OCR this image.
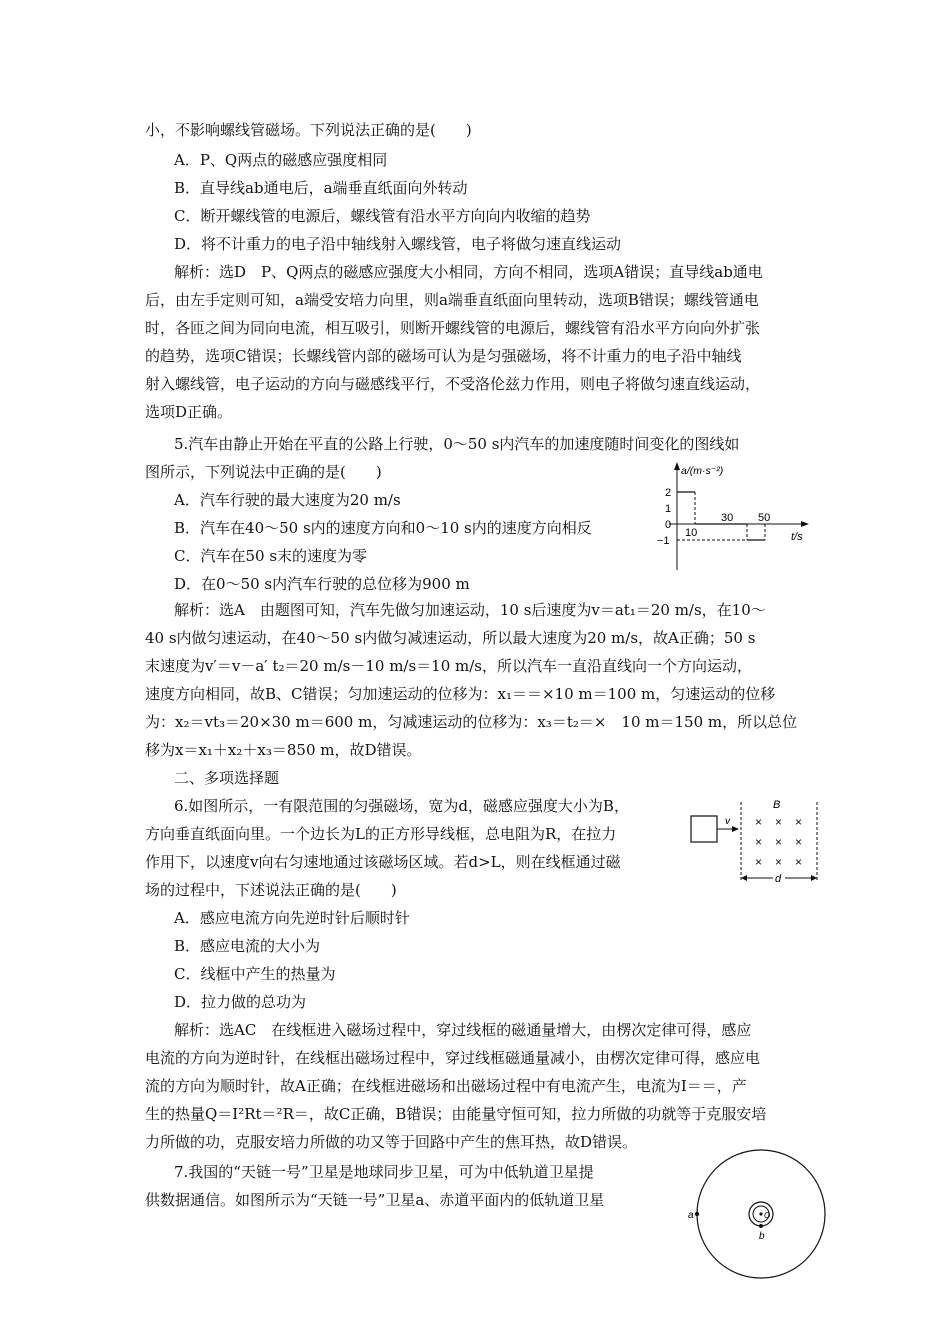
小，不影响螺线管磁场。下列说法正确的是(　　)
A．P、Q两点的磁感应强度相同
B．直导线ab通电后，a端垂直纸面向外转动
C．断开螺线管的电源后，螺线管有沿水平方向向内收缩的趋势
D．将不计重力的电子沿中轴线射入螺线管，电子将做匀速直线运动
解析：选D　P、Q两点的磁感应强度大小相同，方向不相同，选项A错误；直导线ab通电
后，由左手定则可知，a端受安培力向里，则a端垂直纸面向里转动，选项B错误；螺线管通电
时，各匝之间为同向电流，相互吸引，则断开螺线管的电源后，螺线管有沿水平方向向外扩张
的趋势，选项C错误；长螺线管内部的磁场可认为是匀强磁场，将不计重力的电子沿中轴线
射入螺线管，电子运动的方向与磁感线平行，不受洛伦兹力作用，则电子将做匀速直线运动，
选项D正确。
5.汽车由静止开始在平直的公路上行驶，0～50 s内汽车的加速度随时间变化的图线如
图所示，下列说法中正确的是(　　)
A．汽车行驶的最大速度为20 m/s
B．汽车在40～50 s内的速度方向和0～10 s内的速度方向相反
C．汽车在50 s末的速度为零
D．在0～50 s内汽车行驶的总位移为900 m
a/(m·s⁻²)
2
1
0
−1
10
30 50
t/s
解析：选A　由题图可知，汽车先做匀加速运动，10 s后速度为v＝at₁＝20 m/s，在10～
40 s内做匀速运动，在40～50 s内做匀减速运动，所以最大速度为20 m/s，故A正确；50 s
末速度为v′＝v－a′ t₂＝20 m/s－10 m/s＝10 m/s，所以汽车一直沿直线向一个方向运动，
速度方向相同，故B、C错误；匀加速运动的位移为：x₁＝＝×10 m＝100 m，匀速运动的位移
为：x₂＝vt₃＝20×30 m＝600 m，匀减速运动的位移为：x₃＝t₂＝×　10 m＝150 m，所以总位
移为x＝x₁＋x₂＋x₃＝850 m，故D错误。
二、多项选择题
6.如图所示，一有限范围的匀强磁场，宽为d，磁感应强度大小为B，
方向垂直纸面向里。一个边长为L的正方形导线框，总电阻为R，在拉力
作用下，以速度v向右匀速地通过该磁场区域。若d>L，则在线框通过磁
场的过程中，下述说法正确的是(　　)
v
B
× × ×
× × ×
× × ×
d
A．感应电流方向先逆时针后顺时针
B．感应电流的大小为
C．线框中产生的热量为
D．拉力做的总功为
解析：选AC　在线框进入磁场过程中，穿过线框的磁通量增大，由楞次定律可得，感应
电流的方向为逆时针，在线框出磁场过程中，穿过线框磁通量减小，由楞次定律可得，感应电
流的方向为顺时针，故A正确；在线框进磁场和出磁场过程中有电流产生，电流为I＝＝，产
生的热量Q＝I²Rt＝²R＝，故C正确，B错误；由能量守恒可知，拉力所做的功就等于克服安培
力所做的功，克服安培力所做的功又等于回路中产生的焦耳热，故D错误。
7.我国的“天链一号”卫星是地球同步卫星，可为中低轨道卫星提
供数据通信。如图所示为“天链一号”卫星a、赤道平面内的低轨道卫星
a
b
O
